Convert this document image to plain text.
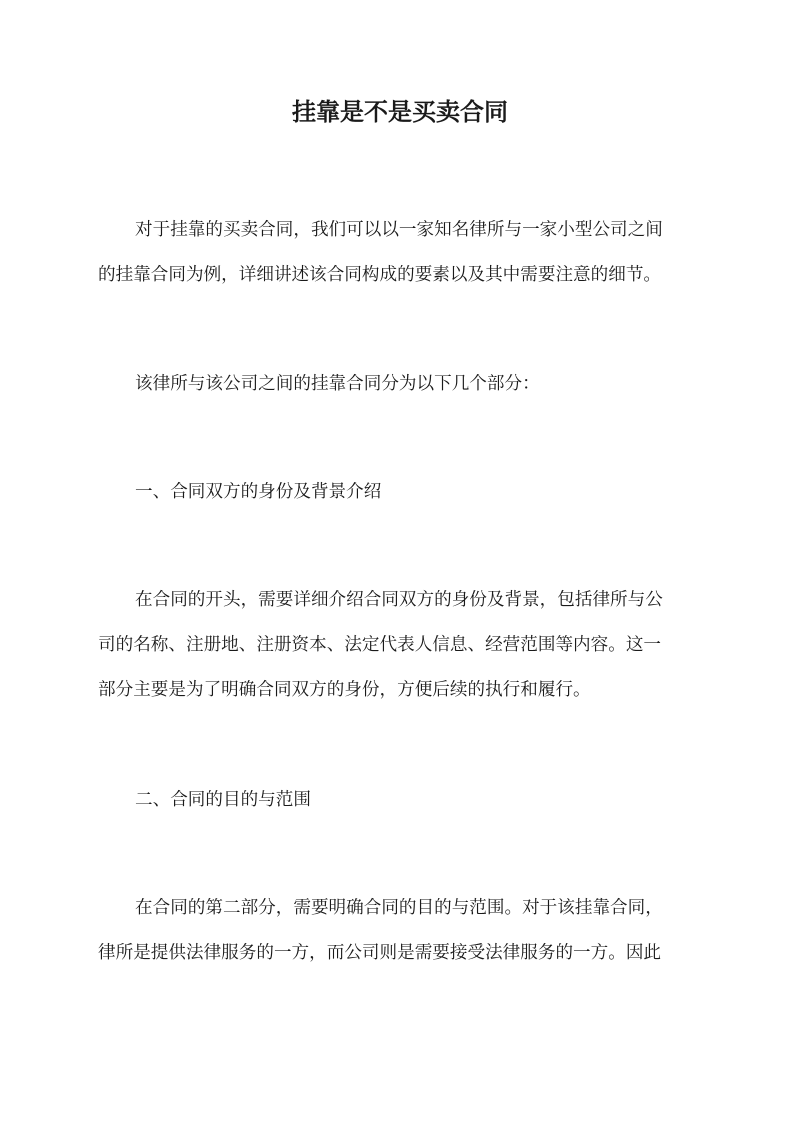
挂靠是不是买卖合同
对于挂靠的买卖合同，我们可以以一家知名律所与一家小型公司之间
的挂靠合同为例，详细讲述该合同构成的要素以及其中需要注意的细节。
该律所与该公司之间的挂靠合同分为以下几个部分：
一、合同双方的身份及背景介绍
在合同的开头，需要详细介绍合同双方的身份及背景，包括律所与公
司的名称、注册地、注册资本、法定代表人信息、经营范围等内容。这一
部分主要是为了明确合同双方的身份，方便后续的执行和履行。
二、合同的目的与范围
在合同的第二部分，需要明确合同的目的与范围。对于该挂靠合同，
律所是提供法律服务的一方，而公司则是需要接受法律服务的一方。因此
